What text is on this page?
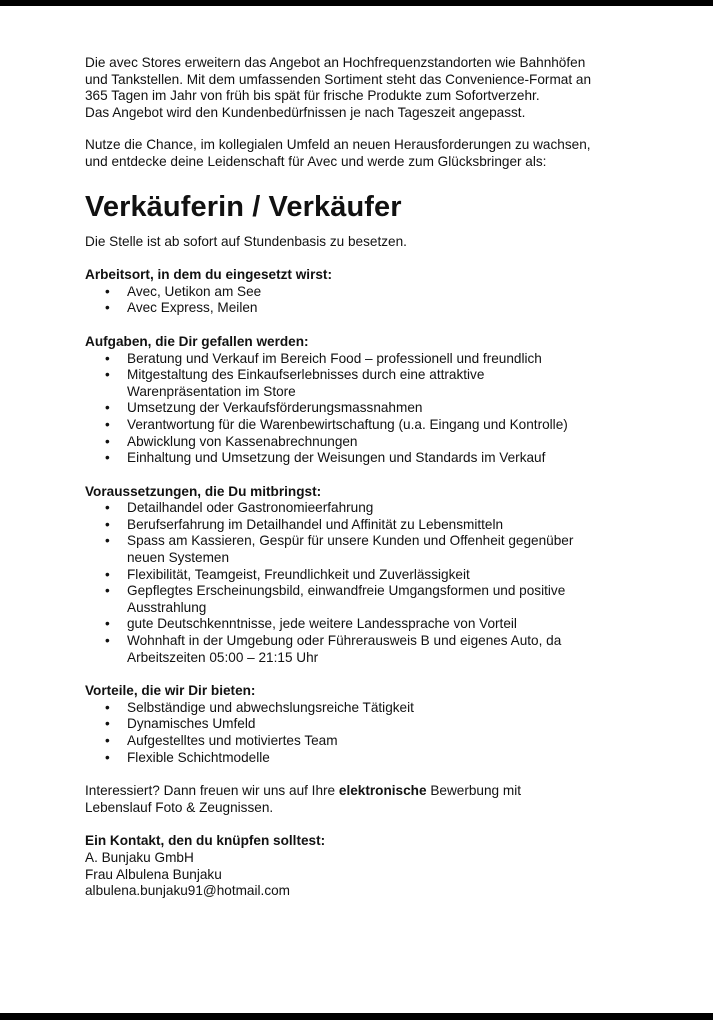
Die avec Stores erweitern das Angebot an Hochfrequenzstandorten wie Bahnhöfen
und Tankstellen. Mit dem umfassenden Sortiment steht das Convenience-Format an
365 Tagen im Jahr von früh bis spät für frische Produkte zum Sofortverzehr.
Das Angebot wird den Kundenbedürfnissen je nach Tageszeit angepasst.

Nutze die Chance, im kollegialen Umfeld an neuen Herausforderungen zu wachsen,
und entdecke deine Leidenschaft für Avec und werde zum Glücksbringer als:

Verkäuferin / Verkäufer

Die Stelle ist ab sofort auf Stundenbasis zu besetzen.

Arbeitsort, in dem du eingesetzt wirst:
• Avec, Uetikon am See
• Avec Express, Meilen
Aufgaben, die Dir gefallen werden:
• Beratung und Verkauf im Bereich Food – professionell und freundlich
• Mitgestaltung des Einkaufserlebnisses durch eine attraktive
Warenpräsentation im Store
• Umsetzung der Verkaufsförderungsmassnahmen
• Verantwortung für die Warenbewirtschaftung (u.a. Eingang und Kontrolle)
• Abwicklung von Kassenabrechnungen
• Einhaltung und Umsetzung der Weisungen und Standards im Verkauf
Voraussetzungen, die Du mitbringst:
• Detailhandel oder Gastronomieerfahrung
• Berufserfahrung im Detailhandel und Affinität zu Lebensmitteln
• Spass am Kassieren, Gespür für unsere Kunden und Offenheit gegenüber
neuen Systemen
• Flexibilität, Teamgeist, Freundlichkeit und Zuverlässigkeit
• Gepflegtes Erscheinungsbild, einwandfreie Umgangsformen und positive
Ausstrahlung
• gute Deutschkenntnisse, jede weitere Landessprache von Vorteil
• Wohnhaft in der Umgebung oder Führerausweis B und eigenes Auto, da
Arbeitszeiten 05:00 – 21:15 Uhr
Vorteile, die wir Dir bieten:
• Selbständige und abwechslungsreiche Tätigkeit
• Dynamisches Umfeld
• Aufgestelltes und motiviertes Team
• Flexible Schichtmodelle

Interessiert? Dann freuen wir uns auf Ihre elektronische Bewerbung mit
Lebenslauf Foto & Zeugnissen.

Ein Kontakt, den du knüpfen solltest:
A. Bunjaku GmbH
Frau Albulena Bunjaku
albulena.bunjaku91@hotmail.com
